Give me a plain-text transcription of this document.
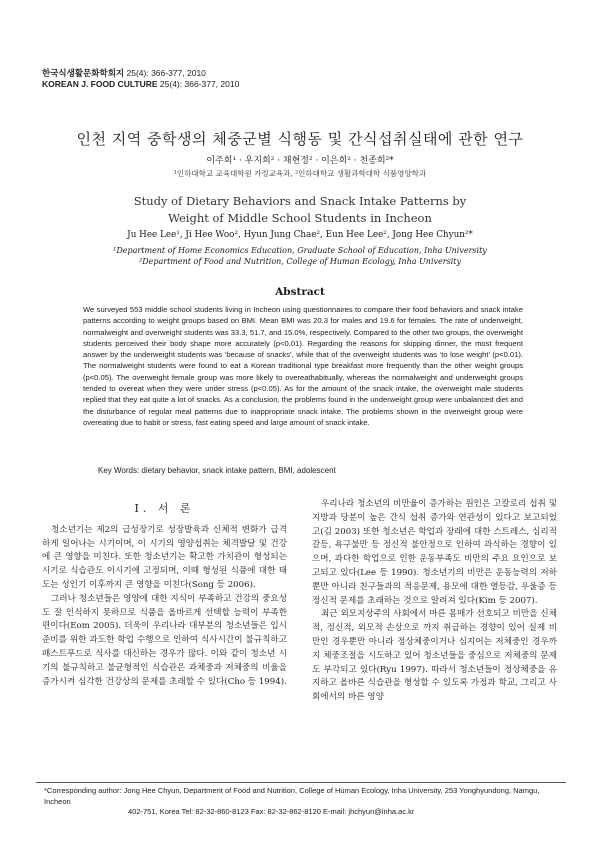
한국식생활문화학회지 25(4): 366-377, 2010
KOREAN J. FOOD CULTURE 25(4): 366-377, 2010
인천 지역 중학생의 체중군별 식행동 및 간식섭취실태에 관한 연구
이주희¹ · 우지희² · 채현정² · 이은희² · 천종희²*
¹인하대학교 교육대학원 가정교육과, ²인하대학교 생활과학대학 식품영양학과
Study of Dietary Behaviors and Snack Intake Patterns by
Weight of Middle School Students in Incheon
Ju Hee Lee¹, Ji Hee Woo², Hyun Jung Chae², Eun Hee Lee², Jong Hee Chyun²*
¹Department of Home Economics Education, Graduate School of Education, Inha University
²Department of Food and Nutrition, College of Human Ecology, Inha University
Abstract
We surveyed 553 middle school students living in Incheon using questionnaires to compare their food behaviors and snack intake patterns according to weight groups based on BMI. Mean BMI was 20.3 for males and 19.6 for females. The rate of underweight, normalweight and overweight students was 33.3, 51.7, and 15.0%, respectively. Compared to the other two groups, the overweight students perceived their body shape more accurately (p<0.01). Regarding the reasons for skipping dinner, the most frequent answer by the underweight students was ‘because of snacks’, while that of the overweight students was ‘to lose weight’ (p<0.01). The normalweight students were found to eat a Korean traditional type breakfast more frequently than the other weight groups (p<0.05). The overweight female group was more likely to overeathabitually, whereas the normalweight and underweight groups tended to overeat when they were under stress (p<0.05). As for the amount of the snack intake, the overweight male students replied that they eat quite a lot of snacks. As a conclusion, the problems found in the underweight group were unbalanced diet and the disturbance of regular meal patterns due to inappropriate snack intake. The problems shown in the overweight group were overeating due to habit or stress, fast eating speed and large amount of snack intake.
Key Words: dietary behavior, snack intake pattern, BMI, adolescent
I. 서 론

청소년기는 제2의 급성장기로 성장발육과 신체적 변화가 급격하게 일어나는 시기이며, 이 시기의 영양섭취는 체격발달 및 건강에 큰 영향을 미친다. 또한 청소년기는 확고한 가치관이 형성되는 시기로 식습관도 이시기에 고정되며, 이때 형성된 식품에 대한 태도는 성인기 이후까지 큰 영향을 미친다(Song 등 2006).

그러나 청소년들은 영양에 대한 지식이 부족하고 건강의 중요성도 잘 인식하지 못하므로 식품을 올바르게 선택할 능력이 부족한 편이다(Eom 2005). 더욱이 우리나라 대부분의 청소년들은 입시준비를 위한 과도한 학업 수행으로 인하여 식사시간이 불규칙하고 패스트푸드로 식사를 대신하는 경우가 많다. 이와 같이 청소년 시기의 불규칙하고 불균형적인 식습관은 과체중과 저체중의 비율을 증가시켜 심각한 건강상의 문제를 초래할 수 있다(Cho 등 1994).

우리나라 청소년의 비만율이 증가하는 원인은 고칼로리 섭취 및 지방과 당분이 높은 간식 섭취 증가와 연관성이 있다고 보고되었고(김 2003) 또한 청소년은 학업과 장래에 대한 스트레스, 심리적 갈등, 욕구불만 등 정신적 불안정으로 인하여 과식하는 경향이 있으며, 과다한 학업으로 인한 운동부족도 비만의 주요 요인으로 보고되고 있다(Lee 등 1990). 청소년기의 비만은 운동능력의 저하뿐만 아니라 친구들과의 적응문제, 용모에 대한 열등감, 우울증 등 정신적 문제를 초래하는 것으로 알려져 있다(Kim 등 2007).

최근 외모지상주의 사회에서 마른 몸매가 선호되고 비만을 신체적, 정신적, 외모적 손상으로 까지 취급하는 경향이 있어 실제 비만인 경우뿐만 아니라 정상체중이거나 심지어는 저체중인 경우까지 체중조절을 시도하고 있어 청소년들을 중심으로 저체중의 문제도 부각되고 있다(Ryu 1997). 따라서 청소년들이 정상체중을 유지하고 올바른 식습관을 형성할 수 있도록 가정과 학교, 그리고 사회에서의 바른 영양

*Corresponding author: Jong Hee Chyun, Department of Food and Nutrition, College of Human Ecology, Inha University, 253 Yonghyundong, Namgu, Incheon
402-751, Korea Tel: 82-32-860-8123 Fax: 82-32-862-8120 E-mail: jhchyun@inha.ac.kr
